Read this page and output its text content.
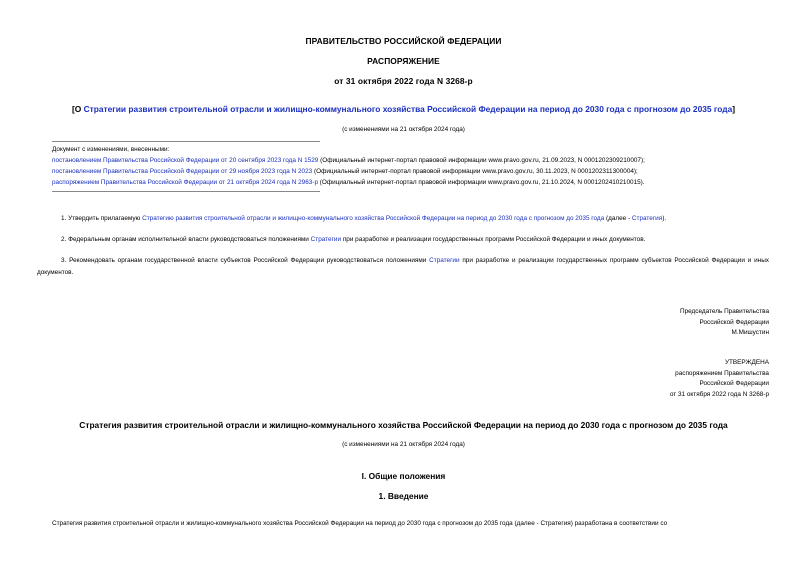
ПРАВИТЕЛЬСТВО РОССИЙСКОЙ ФЕДЕРАЦИИ
РАСПОРЯЖЕНИЕ
от 31 октября 2022 года N 3268-р
[О Стратегии развития строительной отрасли и жилищно-коммунального хозяйства Российской Федерации на период до 2030 года с прогнозом до 2035 года]
(с изменениями на 21 октября 2024 года)
Документ с изменениями, внесенными:
постановлением Правительства Российской Федерации от 20 сентября 2023 года N 1529 (Официальный интернет-портал правовой информации www.pravo.gov.ru, 21.09.2023, N 0001202309210007);
постановлением Правительства Российской Федерации от 29 ноября 2023 года N 2023 (Официальный интернет-портал правовой информации www.pravo.gov.ru, 30.11.2023, N 0001202311300004);
распоряжением Правительства Российской Федерации от 21 октября 2024 года N 2963-р (Официальный интернет-портал правовой информации www.pravo.gov.ru, 21.10.2024, N 0001202410210015).
1. Утвердить прилагаемую Стратегию развития строительной отрасли и жилищно-коммунального хозяйства Российской Федерации на период до 2030 года с прогнозом до 2035 года (далее - Стратегия).
2. Федеральным органам исполнительной власти руководствоваться положениями Стратегии при разработке и реализации государственных программ Российской Федерации и иных документов.
3. Рекомендовать органам государственной власти субъектов Российской Федерации руководствоваться положениями Стратегии при разработке и реализации государственных программ субъектов Российской Федерации и иных документов.
Председатель Правительства
Российской Федерации
М.Мишустин
УТВЕРЖДЕНА
распоряжением Правительства
Российской Федерации
от 31 октября 2022 года N 3268-р
Стратегия развития строительной отрасли и жилищно-коммунального хозяйства Российской Федерации на период до 2030 года с прогнозом до 2035 года
(с изменениями на 21 октября 2024 года)
I. Общие положения
1. Введение
Стратегия развития строительной отрасли и жилищно-коммунального хозяйства Российской Федерации на период до 2030 года с прогнозом до 2035 года (далее - Стратегия) разработана в соответствии со
